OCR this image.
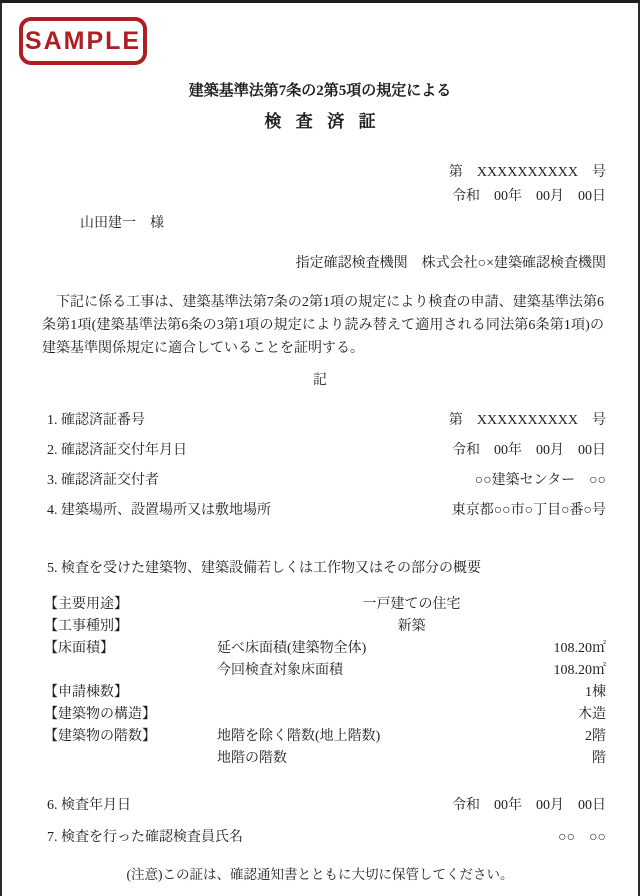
SAMPLE
建築基準法第7条の2第5項の規定による
検査済証
第　XXXXXXXXXX　号
令和　00年　00月　00日
山田建一　様
指定確認検査機関　株式会社○×建築確認検査機関
下記に係る工事は、建築基準法第7条の2第1項の規定により検査の申請、建築基準法第6条第1項(建築基準法第6条の3第1項の規定により読み替えて適用される同法第6条第1項)の建築基準関係規定に適合していることを証明する。
記
1. 確認済証番号	第　XXXXXXXXXX　号
2. 確認済証交付年月日	令和　00年　00月　00日
3. 確認済証交付者	○○建築センター　○○
4. 建築場所、設置場所又は敷地場所	東京都○○市○丁目○番○号
5. 検査を受けた建築物、建築設備若しくは工作物又はその部分の概要
【主要用途】	一戸建ての住宅
【工事種別】	新築
【床面積】	延べ床面積(建築物全体)	108.20㎡
今回検査対象床面積	108.20㎡
【申請棟数】	1棟
【建築物の構造】	木造
【建築物の階数】	地階を除く階数(地上階数)	2階
地階の階数	階
6. 検査年月日	令和　00年　00月　00日
7. 検査を行った確認検査員氏名	○○　○○
(注意)この証は、確認通知書とともに大切に保管してください。
